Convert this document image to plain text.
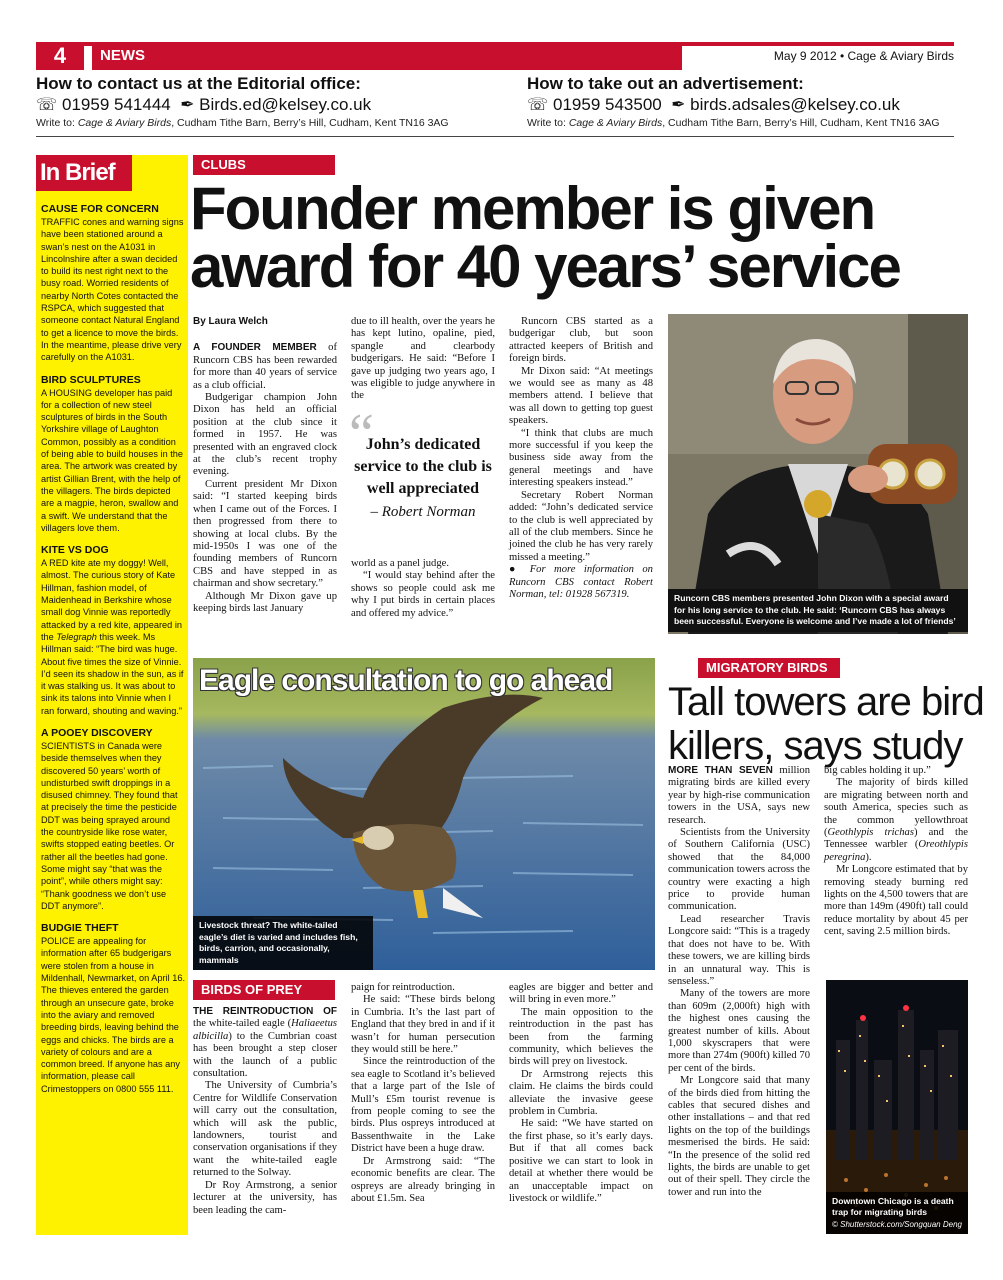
4	NEWS	May 9 2012 • Cage & Aviary Birds
How to contact us at the Editorial office:
☏ 01959 541444 ✒ Birds.ed@kelsey.co.uk
Write to: Cage & Aviary Birds, Cudham Tithe Barn, Berry’s Hill, Cudham, Kent TN16 3AG
How to take out an advertisement:
☏ 01959 543500 ✒ birds.adsales@kelsey.co.uk
Write to: Cage & Aviary Birds, Cudham Tithe Barn, Berry’s Hill, Cudham, Kent TN16 3AG
In Brief
CAUSE FOR CONCERN
TRAFFIC cones and warning signs have been stationed around a swan’s nest on the A1031 in Lincolnshire after a swan decided to build its nest right next to the busy road. Worried residents of nearby North Cotes contacted the RSPCA, which suggested that someone contact Natural England to get a licence to move the birds. In the meantime, please drive very carefully on the A1031.
BIRD SCULPTURES
A HOUSING developer has paid for a collection of new steel sculptures of birds in the South Yorkshire village of Laughton Common, possibly as a condition of being able to build houses in the area. The artwork was created by artist Gillian Brent, with the help of the villagers. The birds depicted are a magpie, heron, swallow and a swift. We understand that the villagers love them.
KITE VS DOG
A RED kite ate my doggy! Well, almost. The curious story of Kate Hillman, fashion model, of Maidenhead in Berkshire whose small dog Vinnie was reportedly attacked by a red kite, appeared in the Telegraph this week. Ms Hillman said: “The bird was huge. About five times the size of Vinnie. I’d seen its shadow in the sun, as if it was stalking us. It was about to sink its talons into Vinnie when I ran forward, shouting and waving.”
A POOEY DISCOVERY
SCIENTISTS in Canada were beside themselves when they discovered 50 years’ worth of undisturbed swift droppings in a disused chimney. They found that at precisely the time the pesticide DDT was being sprayed around the countryside like rose water, swifts stopped eating beetles. Or rather all the beetles had gone. Some might say “that was the point”, while others might say: “Thank goodness we don’t use DDT anymore”.
BUDGIE THEFT
POLICE are appealing for information after 65 budgerigars were stolen from a house in Mildenhall, Newmarket, on April 16. The thieves entered the garden through an unsecure gate, broke into the aviary and removed breeding birds, leaving behind the eggs and chicks. The birds are a variety of colours and are a common breed. If anyone has any information, please call Crimestoppers on 0800 555 111.
CLUBS
Founder member is given
award for 40 years’ service
By Laura Welch

A FOUNDER MEMBER of Runcorn CBS has been rewarded for more than 40 years of service as a club official.

Budgerigar champion John Dixon has held an official position at the club since it formed in 1957. He was presented with an engraved clock at the club’s recent trophy evening.

Current president Mr Dixon said: “I started keeping birds when I came out of the Forces. I then progressed from there to showing at local clubs. By the mid-1950s I was one of the founding members of Runcorn CBS and have stepped in as chairman and show secretary.”

Although Mr Dixon gave up keeping birds last January

due to ill health, over the years he has kept lutino, opaline, pied, spangle and clearbody budgerigars. He said: “Before I gave up judging two years ago, I was eligible to judge anywhere in the

“
John’s dedicated service to the club is well appreciated
– Robert Norman

world as a panel judge.

“I would stay behind after the shows so people could ask me why I put birds in certain places and offered my advice.”

Runcorn CBS started as a budgerigar club, but soon attracted keepers of British and foreign birds.

Mr Dixon said: “At meetings we would see as many as 48 members attend. I believe that was all down to getting top guest speakers.

“I think that clubs are much more successful if you keep the business side away from the general meetings and have interesting speakers instead.”

Secretary Robert Norman added: “John’s dedicated service to the club is well appreciated by all of the club members. Since he joined the club he has very rarely missed a meeting.”

● For more information on Runcorn CBS contact Robert Norman, tel: 01928 567319.	Runcorn CBS members presented John Dixon with a special award for his long service to the club. He said: ‘Runcorn CBS has always been successful. Everyone is welcome and I’ve made a lot of friends’
Eagle consultation to go ahead
Livestock threat? The white-tailed eagle’s diet is varied and includes fish, birds, carrion, and occasionally, mammals
BIRDS OF PREY

THE REINTRODUCTION OF the white-tailed eagle (Haliaeetus albicilla) to the Cumbrian coast has been brought a step closer with the launch of a public consultation.

The University of Cumbria’s Centre for Wildlife Conservation will carry out the consultation, which will ask the public, landowners, tourist and conservation organisations if they want the white-tailed eagle returned to the Solway.

Dr Roy Armstrong, a senior lecturer at the university, has been leading the cam-

paign for reintroduction.

He said: “These birds belong in Cumbria. It’s the last part of England that they bred in and if it wasn’t for human persecution they would still be here.”

Since the reintroduction of the sea eagle to Scotland it’s believed that a large part of the Isle of Mull’s £5m tourist revenue is from people coming to see the birds. Plus ospreys introduced at Bassenthwaite in the Lake District have been a huge draw.

Dr Armstrong said: “The economic benefits are clear. The ospreys are already bringing in about £1.5m. Sea

eagles are bigger and better and will bring in even more.”

The main opposition to the reintroduction in the past has been from the farming community, which believes the birds will prey on livestock.

Dr Armstrong rejects this claim. He claims the birds could alleviate the invasive geese problem in Cumbria.

He said: “We have started on the first phase, so it’s early days. But if that all comes back positive we can start to look in detail at whether there would be an unacceptable impact on livestock or wildlife.”

MIGRATORY BIRDS
Tall towers are bird
killers, says study

MORE THAN SEVEN million migrating birds are killed every year by high-rise communication towers in the USA, says new research.

Scientists from the University of Southern California (USC) showed that the 84,000 communication towers across the country were exacting a high price to provide human communication.

Lead researcher Travis Longcore said: “This is a tragedy that does not have to be. With these towers, we are killing birds in an unnatural way. This is senseless.”

Many of the towers are more than 609m (2,000ft) high with the highest ones causing the greatest number of kills. About 1,000 skyscrapers that were more than 274m (900ft) killed 70 per cent of the birds.

Mr Longcore said that many of the birds died from hitting the cables that secured dishes and other installations – and that red lights on the top of the buildings mesmerised the birds. He said: “In the presence of the solid red lights, the birds are unable to get out of their spell. They circle the tower and run into the

big cables holding it up.”

The majority of birds killed are migrating between north and south America, species such as the common yellowthroat (Geothlypis trichas) and the Tennessee warbler (Oreothlypis peregrina).

Mr Longcore estimated that by removing steady burning red lights on the 4,500 towers that are more than 149m (490ft) tall could reduce mortality by about 45 per cent, saving 2.5 million birds.

Downtown Chicago is a death trap for migrating birds
© Shutterstock.com/Songquan Deng
